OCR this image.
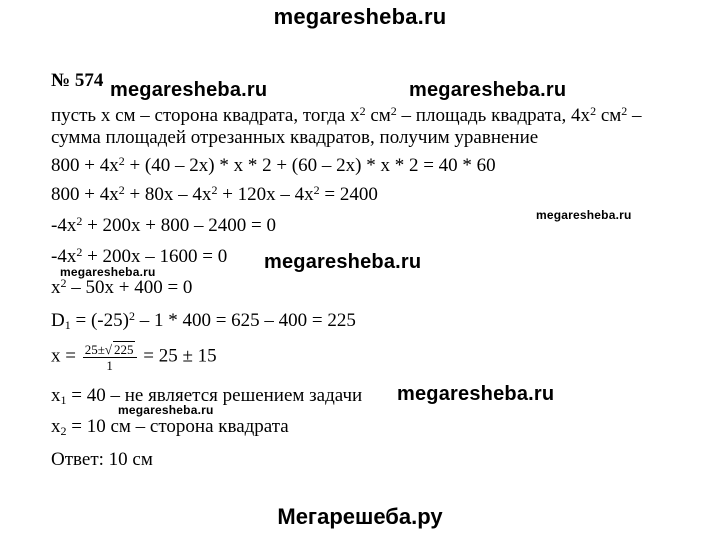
megaresheba.ru
№ 574 megaresheba.ru	megaresheba.ru
пусть x см – сторона квадрата, тогда $x^2$ $см^2$ – площадь квадрата, $4x^2$ $см^2$ –
сумма площадей отрезанных квадратов, получим уравнение
$800 + 4x^2 + (40 - 2x) * x * 2 + (60 - 2x) * x * 2 = 40 * 60$
$800 + 4x^2 + 80x - 4x^2 + 120x - 4x^2 = 2400$
megaresheba.ru
$-4x^2 + 200x + 800 - 2400 = 0$
$-4x^2 + 200x - 1600 = 0$ megaresheba.ru
megaresheba.ru
$x^2 - 50x + 400 = 0$
$D_1 = (-25)^2 - 1 * 400 = 625 - 400 = 225$
$x = \frac{25\pm√ 225}{1} = 25 \pm 15$
$x_1 = 40$ – не является решением задачи megaresheba.ru
megaresheba.ru
$x_2 = 10$ см – сторона квадрата
Ответ: 10 см
Мегарешеба.ру
